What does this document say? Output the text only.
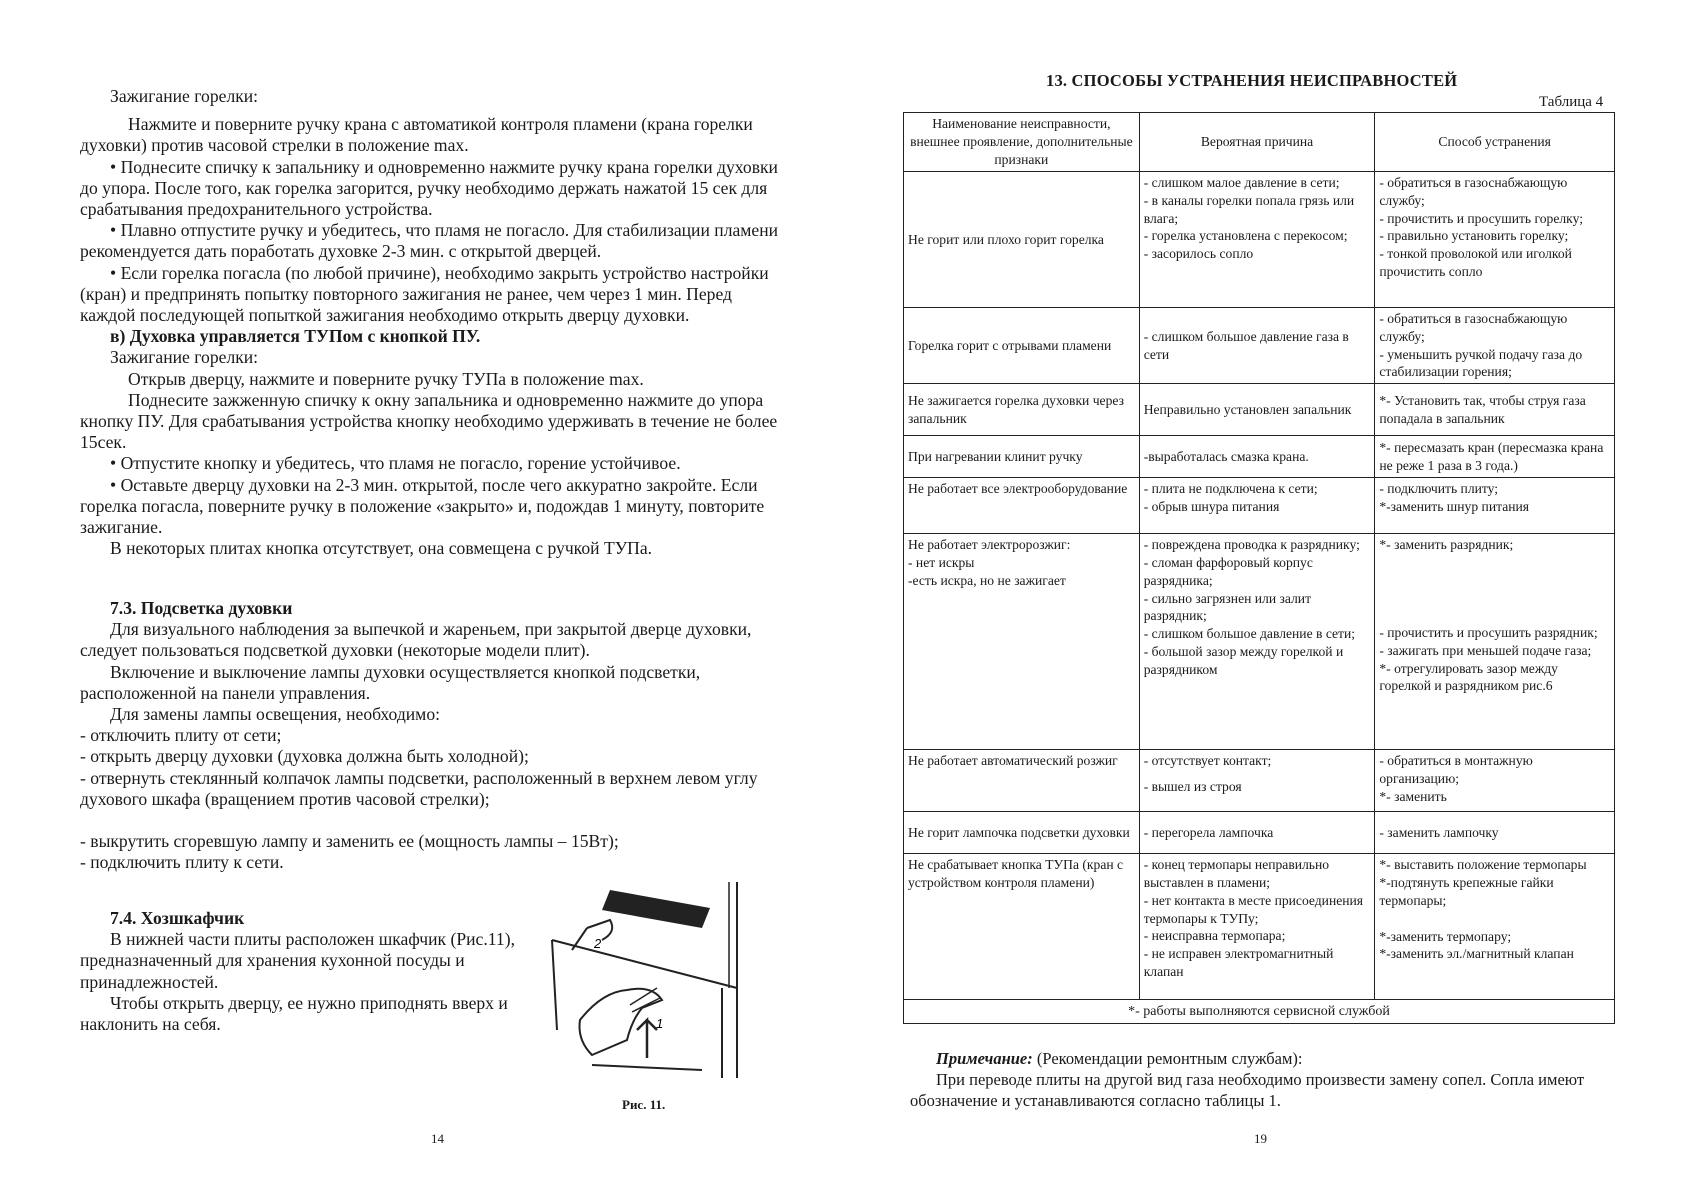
Зажигание горелки:

Нажмите и поверните ручку крана с автоматикой контроля пламени (крана горелки духовки) против часовой стрелки в положение max.

• Поднесите спичку к запальнику и одновременно нажмите ручку крана горелки духовки до упора. После того, как горелка загорится, ручку необходимо держать нажатой 15 сек для срабатывания предохранительного устройства.

• Плавно отпустите ручку и убедитесь, что пламя не погасло. Для стабилизации пламени рекомендуется дать поработать духовке 2-3 мин. с открытой дверцей.

• Если горелка погасла (по любой причине), необходимо закрыть устройство настройки (кран) и предпринять попытку повторного зажигания не ранее, чем через 1 мин. Перед каждой последующей попыткой зажигания необходимо открыть дверцу духовки.

в) Духовка управляется ТУПом с кнопкой ПУ.

Зажигание горелки:

Открыв дверцу, нажмите и поверните ручку ТУПа в положение max.

Поднесите зажженную спичку к окну запальника и одновременно нажмите до упора кнопку ПУ. Для срабатывания устройства кнопку необходимо удерживать в течение не более 15сек.

• Отпустите кнопку и убедитесь, что пламя не погасло, горение устойчивое.

• Оставьте дверцу духовки на 2-3 мин. открытой, после чего аккуратно закройте. Если горелка погасла, поверните ручку в положение «закрыто» и, подождав 1 минуту, повторите зажигание.

В некоторых плитах кнопка отсутствует, она совмещена с ручкой ТУПа.

7.3. Подсветка духовки

Для визуального наблюдения за выпечкой и жареньем, при закрытой дверце духовки, следует пользоваться подсветкой духовки (некоторые модели плит).

Включение и выключение лампы духовки осуществляется кнопкой подсветки, расположенной на панели управления.

Для замены лампы освещения, необходимо:

- отключить плиту от сети;

- открыть дверцу духовки (духовка должна быть холодной);

- отвернуть стеклянный колпачок лампы подсветки, расположенный в верхнем левом углу духового шкафа (вращением против часовой стрелки);

- выкрутить сгоревшую лампу и заменить ее (мощность лампы – 15Вт);

- подключить плиту к сети.

7.4. Хозшкафчик

В нижней части плиты расположен шкафчик (Рис.11), предназначенный для хранения кухонной посуды и принадлежностей.

Чтобы открыть дверцу, ее нужно приподнять вверх и наклонить на себя.

2
1
Рис. 11.
14
13. СПОСОБЫ УСТРАНЕНИЯ НЕИСПРАВНОСТЕЙ
Таблица 4
Наименование неисправности, внешнее проявление, дополнительные признаки	Вероятная причина	Способ устранения
Не горит или плохо горит горелка	- слишком малое давление в сети;
- в каналы горелки попала грязь или влага;
- горелка установлена с перекосом;
- засорилось сопло	- обратиться в газоснабжающую службу;
- прочистить и просушить горелку;
- правильно установить горелку;
- тонкой проволокой или иголкой прочистить сопло

Горелка горит с отрывами пламени	- слишком большое давление газа в сети	- обратиться в газоснабжающую службу;
- уменьшить ручкой подачу газа до стабилизации горения;

Не зажигается горелка духовки через запальник	Неправильно установлен запальник	*- Установить так, чтобы струя газа попадала в запальник

При нагревании клинит ручку	-выработалась смазка крана.	*- пересмазать кран (пересмазка крана не реже 1 раза в 3 года.)

Не работает все электрооборудование	- плита не подключена к сети;
- обрыв шнура питания	- подключить плиту;
*-заменить шнур питания

Не работает электророзжиг:
- нет искры
-есть искра, но не зажигает	- повреждена проводка к разряднику;
- сломан фарфоровый корпус разрядника;
- сильно загрязнен или залит разрядник;
- слишком большое давление в сети;
- большой зазор между горелкой и разрядником	*- заменить разрядник;
- прочистить и просушить разрядник;
- зажигать при меньшей подаче газа;
*- отрегулировать зазор между горелкой и разрядником рис.6

Не работает автоматический розжиг	- отсутствует контакт;
- вышел из строя	- обратиться в монтажную организацию;
*- заменить

Не горит лампочка подсветки духовки	- перегорела лампочка	- заменить лампочку

Не срабатывает кнопка ТУПа (кран с устройством контроля пламени)	- конец термопары неправильно выставлен в пламени;
- нет контакта в месте присоединения термопары к ТУПу;
- неисправна термопара;
- не исправен электромагнитный клапан	*- выставить положение термопары
*-подтянуть крепежные гайки термопары;
*-заменить термопару;
*-заменить эл./магнитный клапан

*- работы выполняются сервисной службой		

Примечание: (Рекомендации ремонтным службам):

При переводе плиты на другой вид газа необходимо произвести замену сопел. Сопла имеют обозначение и устанавливаются согласно таблицы 1.

19
